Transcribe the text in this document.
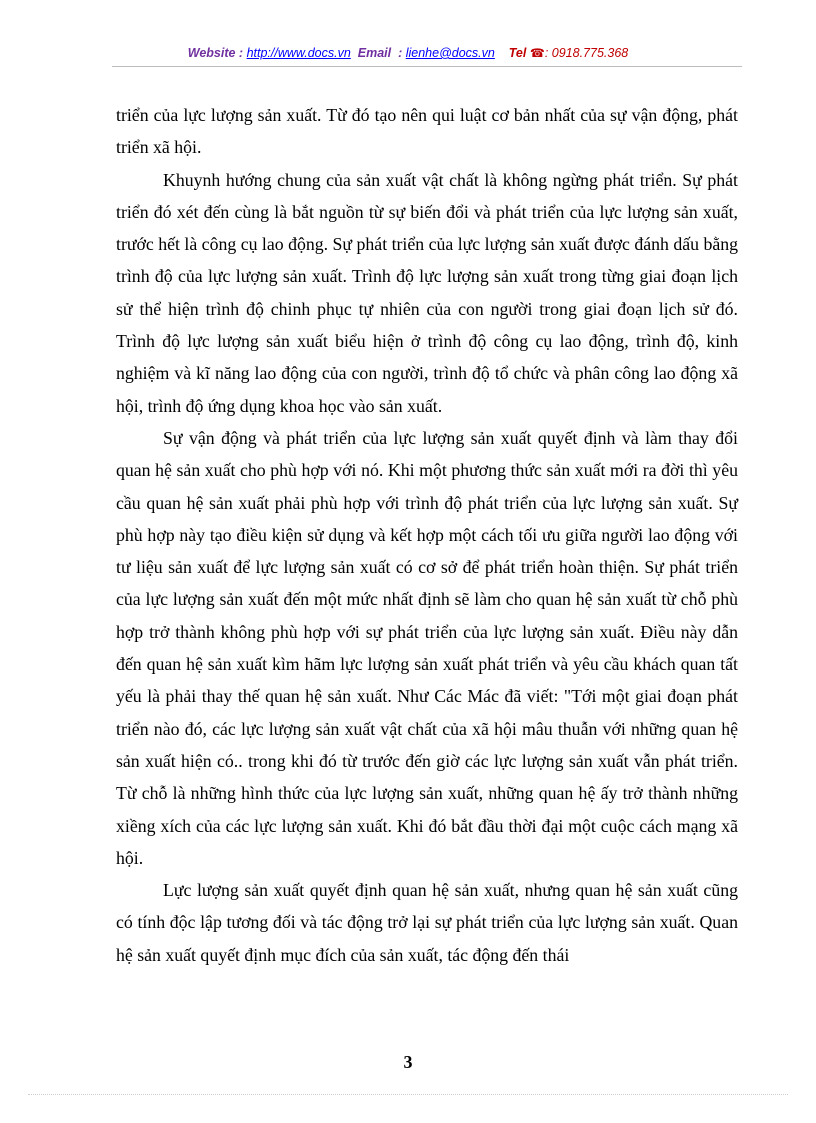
Website : http://www.docs.vn Email : lienhe@docs.vn Tel ☎: 0918.775.368

triển của lực lượng sản xuất. Từ đó tạo nên qui luật cơ bản nhất của sự vận động, phát triển xã hội.

Khuynh hướng chung của sản xuất vật chất là không ngừng phát triển. Sự phát triển đó xét đến cùng là bắt nguồn từ sự biến đổi và phát triển của lực lượng sản xuất, trước hết là công cụ lao động. Sự phát triển của lực lượng sản xuất được đánh dấu bằng trình độ của lực lượng sản xuất. Trình độ lực lượng sản xuất trong từng giai đoạn lịch sử thể hiện trình độ chinh phục tự nhiên của con người trong giai đoạn lịch sử đó. Trình độ lực lượng sản xuất biểu hiện ở trình độ công cụ lao động, trình độ, kinh nghiệm và kĩ năng lao động của con người, trình độ tổ chức và phân công lao động xã hội, trình độ ứng dụng khoa học vào sản xuất.

Sự vận động và phát triển của lực lượng sản xuất quyết định và làm thay đổi quan hệ sản xuất cho phù hợp với nó. Khi một phương thức sản xuất mới ra đời thì yêu cầu quan hệ sản xuất phải phù hợp với trình độ phát triển của lực lượng sản xuất. Sự phù hợp này tạo điều kiện sử dụng và kết hợp một cách tối ưu giữa người lao động với tư liệu sản xuất để lực lượng sản xuất có cơ sở để phát triển hoàn thiện. Sự phát triển của lực lượng sản xuất đến một mức nhất định sẽ làm cho quan hệ sản xuất từ chỗ phù hợp trở thành không phù hợp với sự phát triển của lực lượng sản xuất. Điều này dẫn đến quan hệ sản xuất kìm hãm lực lượng sản xuất phát triển và yêu cầu khách quan tất yếu là phải thay thế quan hệ sản xuất. Như Các Mác đã viết: "Tới một giai đoạn phát triển nào đó, các lực lượng sản xuất vật chất của xã hội mâu thuẫn với những quan hệ sản xuất hiện có.. trong khi đó từ trước đến giờ các lực lượng sản xuất vẫn phát triển. Từ chỗ là những hình thức của lực lượng sản xuất, những quan hệ ấy trở thành những xiềng xích của các lực lượng sản xuất. Khi đó bắt đầu thời đại một cuộc cách mạng xã hội.

Lực lượng sản xuất quyết định quan hệ sản xuất, nhưng quan hệ sản xuất cũng có tính độc lập tương đối và tác động trở lại sự phát triển của lực lượng sản xuất. Quan hệ sản xuất quyết định mục đích của sản xuất, tác động đến thái

3
